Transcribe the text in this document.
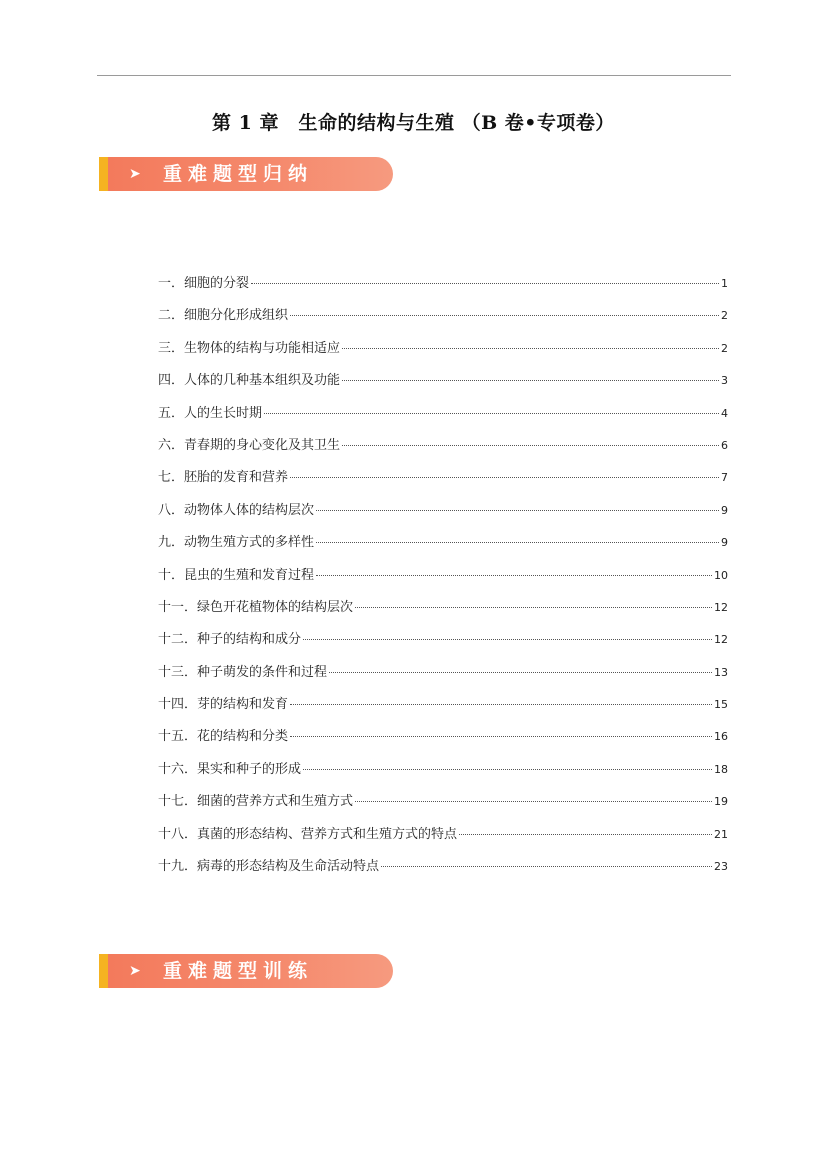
第 1 章　生命的结构与生殖 （B 卷•专项卷）
➤ 重难题型归纳
一．细胞的分裂	1
二．细胞分化形成组织	2
三．生物体的结构与功能相适应	2
四．人体的几种基本组织及功能	3
五．人的生长时期	4
六．青春期的身心变化及其卫生	6
七．胚胎的发育和营养	7
八．动物体人体的结构层次	9
九．动物生殖方式的多样性	9
十．昆虫的生殖和发育过程	10
十一．绿色开花植物体的结构层次	12
十二．种子的结构和成分	12
十三．种子萌发的条件和过程	13
十四．芽的结构和发育	15
十五．花的结构和分类	16
十六．果实和种子的形成	18
十七．细菌的营养方式和生殖方式	19
十八．真菌的形态结构、营养方式和生殖方式的特点	21
十九．病毒的形态结构及生命活动特点	23
➤ 重难题型训练
